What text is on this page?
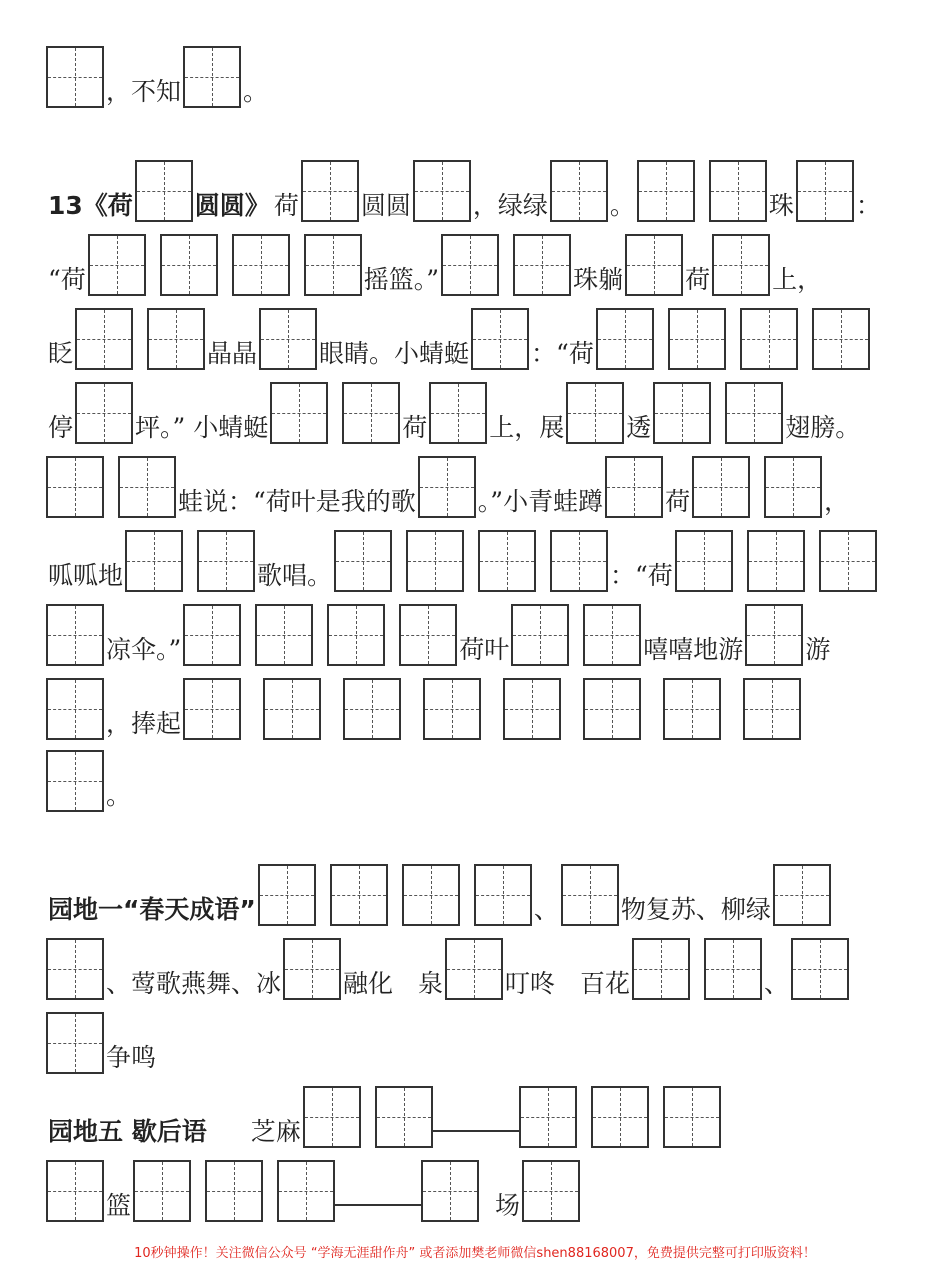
，不知 。
13《荷 圆圆》 荷 圆圆 ，绿绿 。	珠 ：
“荷	摇篮。”	珠躺 荷 上，
眨	晶晶 眼睛。小蜻蜓 ：“荷
停 坪。” 小蜻蜓	荷 上，展 透	翅膀。
蛙说：“荷叶是我的歌 。”小青蛙蹲 荷	，
呱呱地	歌唱。	：“荷
凉伞。”	荷叶	嘻嘻地游 游
，捧起
。
园地一“春天成语”	、 物复苏、柳绿
、莺歌燕舞、冰 融化　泉 叮咚　百花	、
争鸣
园地五 歇后语 芝麻
篮	场
10秒钟操作！关注微信公众号 “学海无涯甜作舟” 或者添加樊老师微信shen88168007，免费提供完整可打印版资料！
